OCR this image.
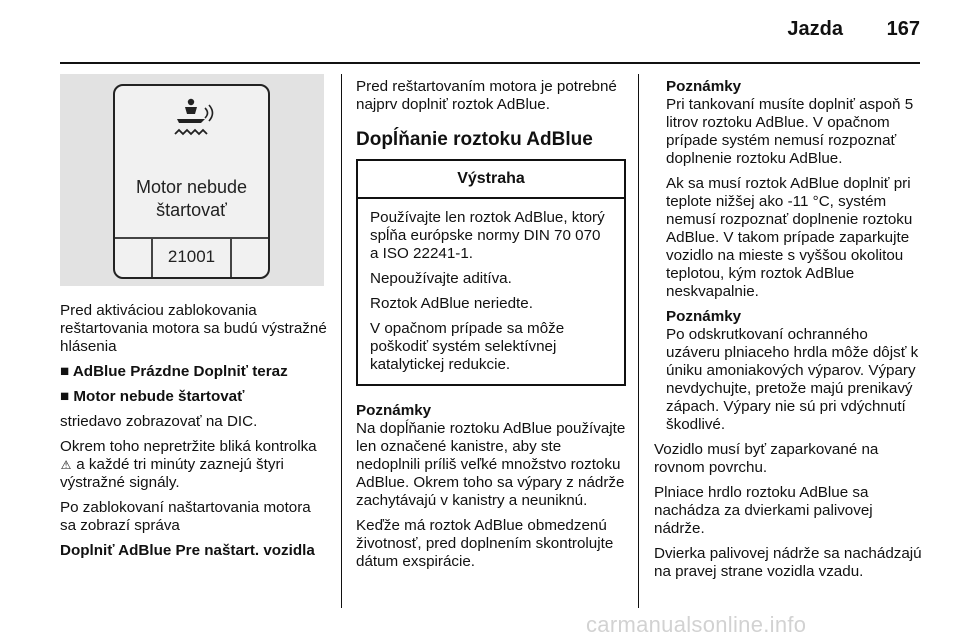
Jazda 167
Motor nebude
štartovať
21001

Pred aktiváciou zablokovania reštartovania motora sa budú výstražné hlásenia

■ AdBlue Prázdne Doplniť teraz

■ Motor nebude štartovať

striedavo zobrazovať na DIC.

Okrem toho nepretržite bliká kontrolka ⚠ a každé tri minúty zaznejú štyri výstražné signály.

Po zablokovaní naštartovania motora sa zobrazí správa

Doplniť AdBlue Pre naštart. vozidla

Pred reštartovaním motora je potrebné najprv doplniť roztok AdBlue.

Dopĺňanie roztoku AdBlue
Výstraha

Používajte len roztok AdBlue, ktorý spĺňa európske normy DIN 70 070 a ISO 22241-1.

Nepoužívajte aditíva.

Roztok AdBlue neriedte.

V opačnom prípade sa môže poškodiť systém selektívnej katalytickej redukcie.

Poznámky

Na dopĺňanie roztoku AdBlue používajte len označené kanistre, aby ste nedoplnili príliš veľké množstvo roztoku AdBlue. Okrem toho sa výpary z nádrže zachytávajú v kanistry a neuniknú.

Keďže má roztok AdBlue obmedzenú životnosť, pred doplnením skontrolujte dátum exspirácie.

Poznámky

Pri tankovaní musíte doplniť aspoň 5 litrov roztoku AdBlue. V opačnom prípade systém nemusí rozpoznať doplnenie roztoku AdBlue.

Ak sa musí roztok AdBlue doplniť pri teplote nižšej ako -11 °C, systém nemusí rozpoznať doplnenie roztoku AdBlue. V takom prípade zaparkujte vozidlo na mieste s vyššou okolitou teplotou, kým roztok AdBlue neskvapalnie.

Poznámky

Po odskrutkovaní ochranného uzáveru plniaceho hrdla môže dôjsť k úniku amoniakových výparov. Výpary nevdychujte, pretože majú prenikavý zápach. Výpary nie sú pri vdýchnutí škodlivé.

Vozidlo musí byť zaparkované na rovnom povrchu.

Plniace hrdlo roztoku AdBlue sa nachádza za dvierkami palivovej nádrže.

Dvierka palivovej nádrže sa nachádzajú na pravej strane vozidla vzadu.

carmanualsonline.info
